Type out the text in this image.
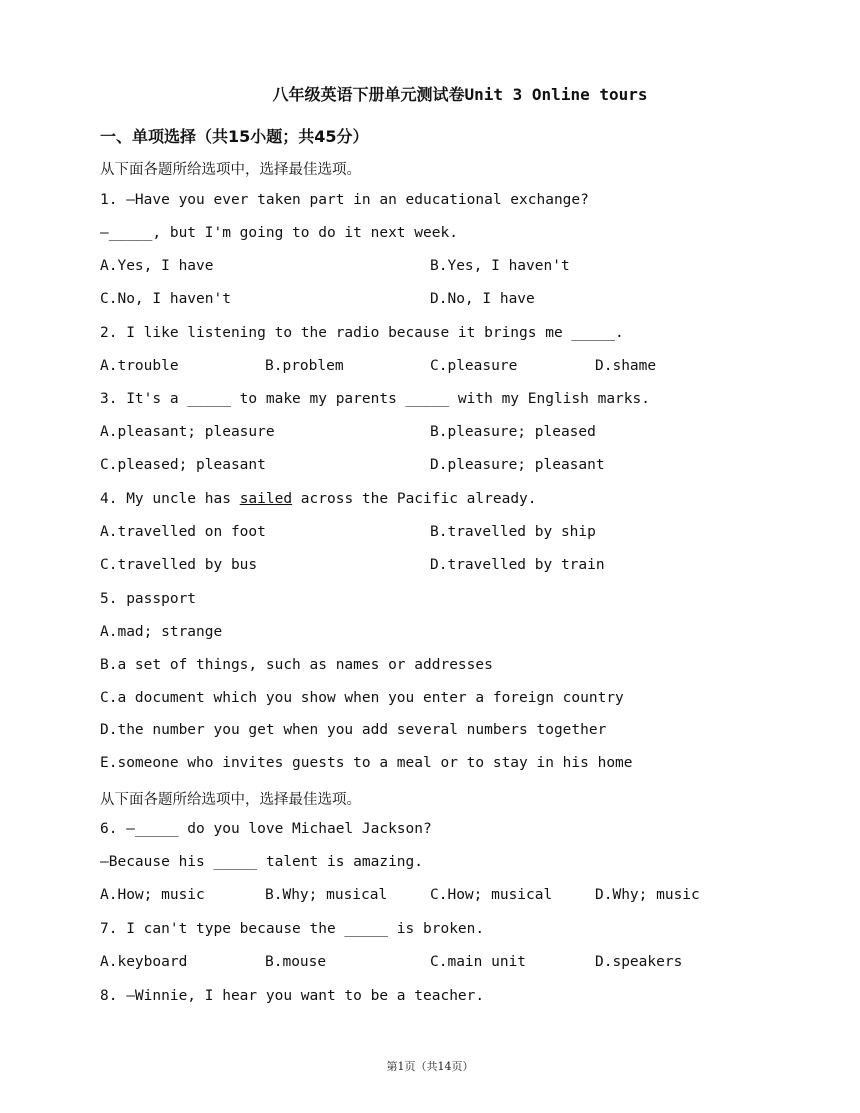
八年级英语下册单元测试卷Unit 3 Online tours
一、单项选择（共15小题；共45分）
从下面各题所给选项中，选择最佳选项。
1. —Have you ever taken part in an educational exchange?
—_____, but I'm going to do it next week.
A.Yes, I have	B.Yes, I haven't
C.No, I haven't	D.No, I have
2. I like listening to the radio because it brings me _____.
A.trouble	B.problem	C.pleasure	D.shame
3. It's a _____ to make my parents _____ with my English marks.
A.pleasant; pleasure	B.pleasure; pleased
C.pleased; pleasant	D.pleasure; pleasant
4. My uncle has sailed across the Pacific already.
A.travelled on foot	B.travelled by ship
C.travelled by bus	D.travelled by train
5. passport
A.mad; strange
B.a set of things, such as names or addresses
C.a document which you show when you enter a foreign country
D.the number you get when you add several numbers together
E.someone who invites guests to a meal or to stay in his home
从下面各题所给选项中，选择最佳选项。
6. —_____ do you love Michael Jackson?
—Because his _____ talent is amazing.
A.How; music	B.Why; musical	C.How; musical	D.Why; music
7. I can't type because the _____ is broken.
A.keyboard	B.mouse	C.main unit	D.speakers
8. —Winnie, I hear you want to be a teacher.
第1页（共14页）
